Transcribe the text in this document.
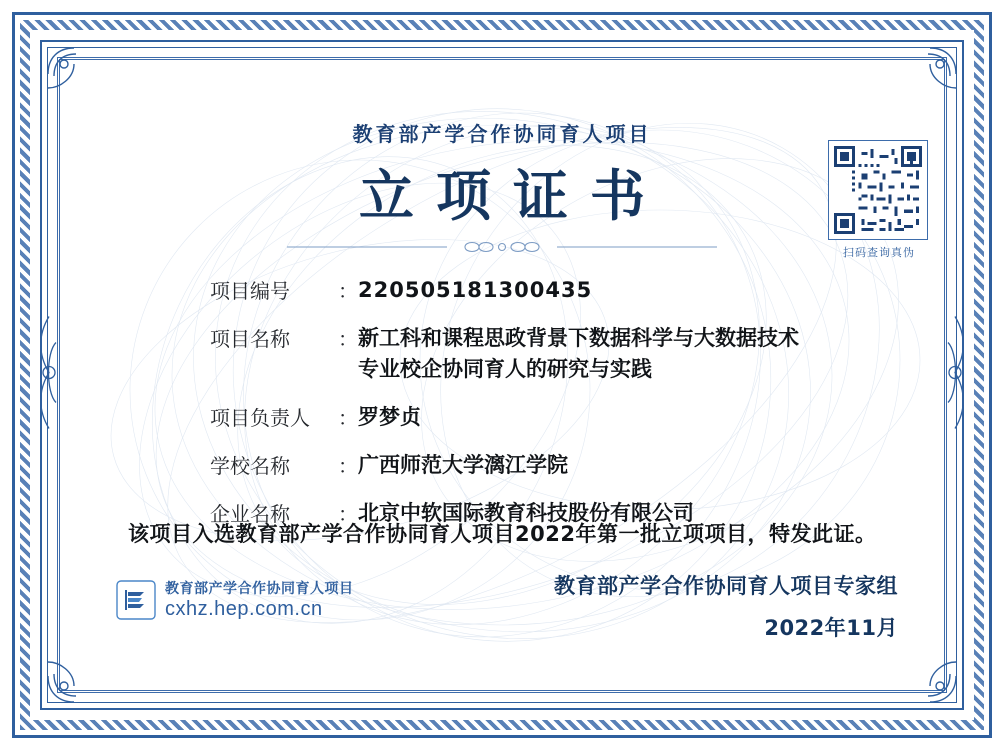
教育部产学合作协同育人项目
立项证书
扫码查询真伪
项目编号	： 220505181300435
项目名称	： 新工科和课程思政背景下数据科学与大数据技术
专业校企协同育人的研究与实践
项目负责人	： 罗梦贞
学校名称	： 广西师范大学漓江学院
企业名称	： 北京中软国际教育科技股份有限公司
该项目入选教育部产学合作协同育人项目2022年第一批立项项目，特发此证。
教育部产学合作协同育人项目
cxhz.hep.com.cn
教育部产学合作协同育人项目专家组
2022年11月
